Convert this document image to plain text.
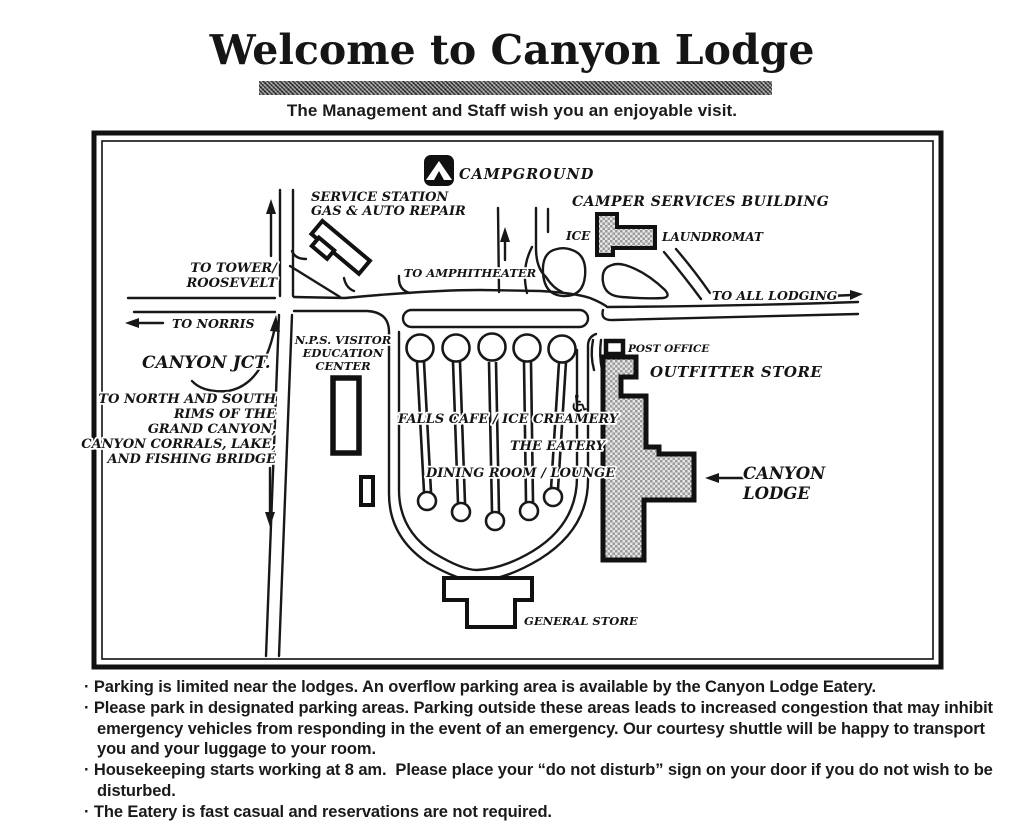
Welcome to Canyon Lodge
The Management and Staff wish you an enjoyable visit.
CAMPGROUND
SERVICE STATION
GAS & AUTO REPAIR
CAMPER SERVICES BUILDING
ICE	LAUNDROMAT
TO TOWER/
ROOSEVELT
TO AMPHITHEATER
TO ALL LODGING
TO NORRIS
CANYON JCT.
N.P.S. VISITOR
EDUCATION
CENTER
TO NORTH AND SOUTH
RIMS OF THE
GRAND CANYON,
CANYON CORRALS, LAKE,
AND FISHING BRIDGE
POST OFFICE
OUTFITTER STORE
FALLS CAFE / ICE CREAMERY
THE EATERY
DINING ROOM / LOUNGE	CANYON
LODGE
GENERAL STORE
♿
· Parking is limited near the lodges. An overflow parking area is available by the Canyon Lodge Eatery.
· Please park in designated parking areas. Parking outside these areas leads to increased congestion that may inhibit emergency vehicles from responding in the event of an emergency. Our courtesy shuttle will be happy to transport you and your luggage to your room.
· Housekeeping starts working at 8 am.  Please place your “do not disturb” sign on your door if you do not wish to be disturbed.
· The Eatery is fast casual and reservations are not required.
